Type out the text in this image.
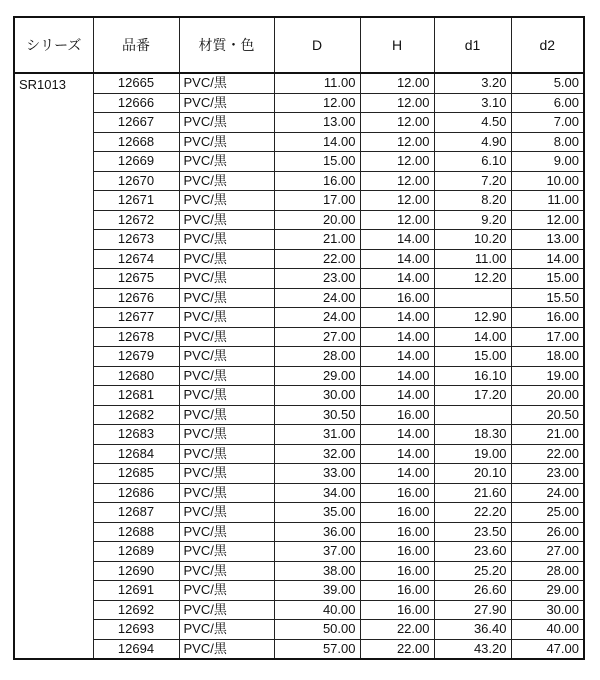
シリーズ	品番	材質・色	D	H	d1	d2
SR1013	12665	PVC/黒	11.00	12.00	3.20	5.00
	12666	PVC/黒	12.00	12.00	3.10	6.00
	12667	PVC/黒	13.00	12.00	4.50	7.00
	12668	PVC/黒	14.00	12.00	4.90	8.00
	12669	PVC/黒	15.00	12.00	6.10	9.00
	12670	PVC/黒	16.00	12.00	7.20	10.00
	12671	PVC/黒	17.00	12.00	8.20	11.00
	12672	PVC/黒	20.00	12.00	9.20	12.00
	12673	PVC/黒	21.00	14.00	10.20	13.00
	12674	PVC/黒	22.00	14.00	11.00	14.00
	12675	PVC/黒	23.00	14.00	12.20	15.00
	12676	PVC/黒	24.00	16.00		15.50
	12677	PVC/黒	24.00	14.00	12.90	16.00
	12678	PVC/黒	27.00	14.00	14.00	17.00
	12679	PVC/黒	28.00	14.00	15.00	18.00
	12680	PVC/黒	29.00	14.00	16.10	19.00
	12681	PVC/黒	30.00	14.00	17.20	20.00
	12682	PVC/黒	30.50	16.00		20.50
	12683	PVC/黒	31.00	14.00	18.30	21.00
	12684	PVC/黒	32.00	14.00	19.00	22.00
	12685	PVC/黒	33.00	14.00	20.10	23.00
	12686	PVC/黒	34.00	16.00	21.60	24.00
	12687	PVC/黒	35.00	16.00	22.20	25.00
	12688	PVC/黒	36.00	16.00	23.50	26.00
	12689	PVC/黒	37.00	16.00	23.60	27.00
	12690	PVC/黒	38.00	16.00	25.20	28.00
	12691	PVC/黒	39.00	16.00	26.60	29.00
	12692	PVC/黒	40.00	16.00	27.90	30.00
	12693	PVC/黒	50.00	22.00	36.40	40.00
	12694	PVC/黒	57.00	22.00	43.20	47.00
